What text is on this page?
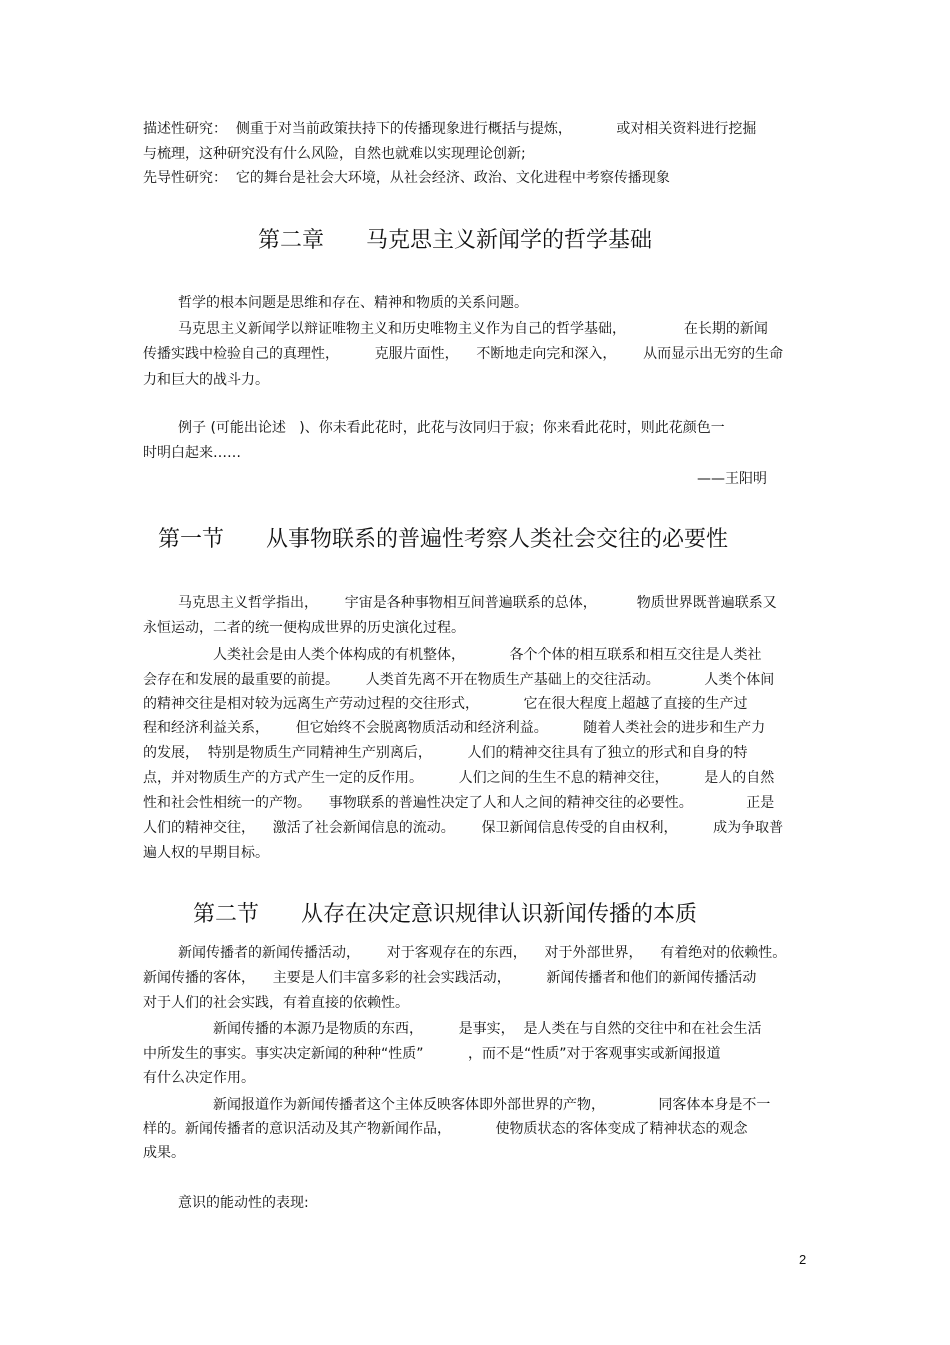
描述性研究：  侧重于对当前政策扶持下的传播现象进行概括与提炼，          或对相关资料进行挖掘
与梳理，这种研究没有什么风险，自然也就难以实现理论创新;
先导性研究：  它的舞台是社会大环境，从社会经济、政治、文化进程中考察传播现象
第二章      马克思主义新闻学的哲学基础
哲学的根本问题是思维和存在、精神和物质的关系问题。
马克思主义新闻学以辩证唯物主义和历史唯物主义作为自己的哲学基础，             在长期的新闻
传播实践中检验自己的真理性，        克服片面性，    不断地走向完和深入，      从而显示出无穷的生命
力和巨大的战斗力。
例子 (可能出论述   )、你未看此花时，此花与汝同归于寂；你来看此花时，则此花颜色一
时明白起来……
——王阳明
第一节      从事物联系的普遍性考察人类社会交往的必要性
马克思主义哲学指出，      宇宙是各种事物相互间普遍联系的总体，         物质世界既普遍联系又
永恒运动，二者的统一便构成世界的历史演化过程。
人类社会是由人类个体构成的有机整体，          各个个体的相互联系和相互交往是人类社
会存在和发展的最重要的前提。      人类首先离不开在物质生产基础上的交往活动。          人类个体间
的精神交往是相对较为远离生产劳动过程的交往形式，          它在很大程度上超越了直接的生产过
程和经济利益关系，      但它始终不会脱离物质活动和经济利益。        随着人类社会的进步和生产力
的发展，  特别是物质生产同精神生产别离后，        人们的精神交往具有了独立的形式和自身的特
点，并对物质生产的方式产生一定的反作用。        人们之间的生生不息的精神交往，        是人的自然
性和社会性相统一的产物。    事物联系的普遍性决定了人和人之间的精神交往的必要性。            正是
人们的精神交往，    激活了社会新闻信息的流动。      保卫新闻信息传受的自由权利，        成为争取普
遍人权的早期目标。
第二节      从存在决定意识规律认识新闻传播的本质
新闻传播者的新闻传播活动，      对于客观存在的东西，    对于外部世界，    有着绝对的依赖性。
新闻传播的客体，    主要是人们丰富多彩的社会实践活动，        新闻传播者和他们的新闻传播活动
对于人们的社会实践，有着直接的依赖性。
新闻传播的本源乃是物质的东西，        是事实，  是人类在与自然的交往中和在社会生活
中所发生的事实。事实决定新闻的种种“性质”          ，而不是“性质”对于客观事实或新闻报道
有什么决定作用。
新闻报道作为新闻传播者这个主体反映客体即外部世界的产物，            同客体本身是不一
样的。新闻传播者的意识活动及其产物新闻作品，          使物质状态的客体变成了精神状态的观念
成果。
意识的能动性的表现:
2
